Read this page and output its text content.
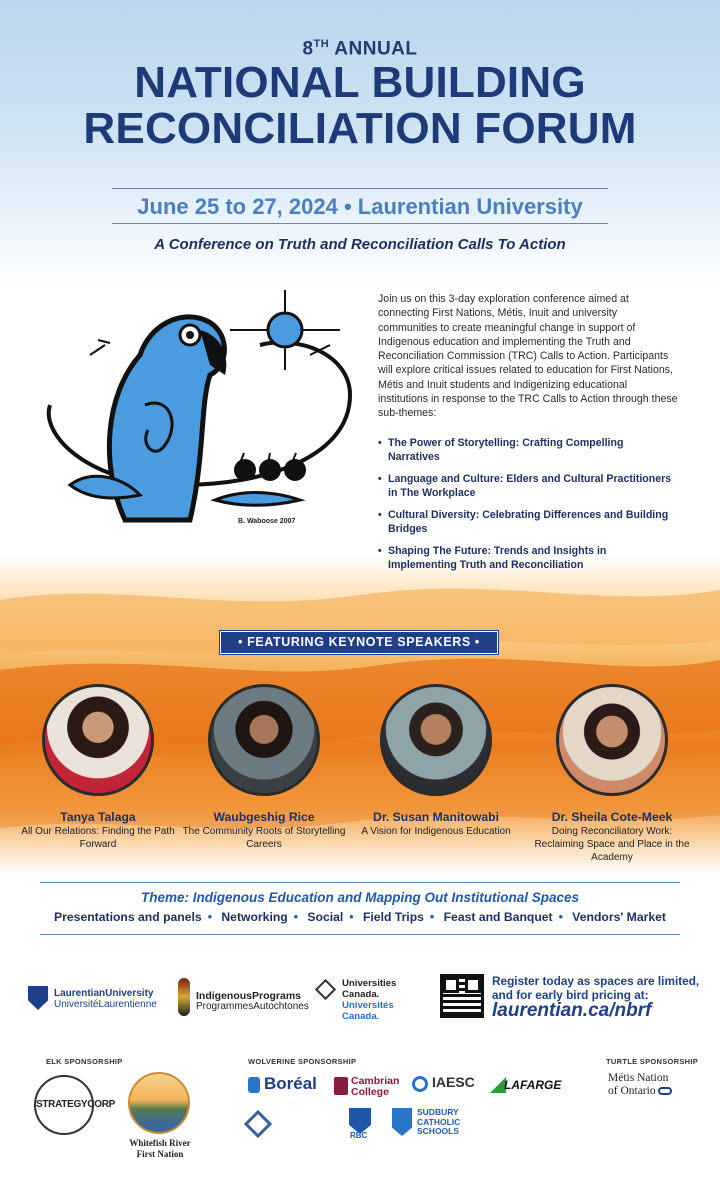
8TH ANNUAL
NATIONAL BUILDING
RECONCILIATION FORUM
June 25 to 27, 2024 • Laurentian University
A Conference on Truth and Reconciliation Calls To Action
B. Waboose 2007
Join us on this 3-day exploration conference aimed at connecting First Nations, Métis, Inuit and university communities to create meaningful change in support of Indigenous education and implementing the Truth and Reconciliation Commission (TRC) Calls to Action. Participants will explore critical issues related to education for First Nations, Métis and Inuit students and Indigenizing educational institutions in response to the TRC Calls to Action through these sub-themes:
• The Power of Storytelling: Crafting Compelling Narratives
• Language and Culture: Elders and Cultural Practitioners in The Workplace
• Cultural Diversity: Celebrating Differences and Building Bridges
• Shaping The Future: Trends and Insights in Implementing Truth and Reconciliation
• FEATURING KEYNOTE SPEAKERS •
Tanya Talaga
All Our Relations: Finding the Path Forward
Waubgeshig Rice
The Community Roots of Storytelling Careers
Dr. Susan Manitowabi
A Vision for Indigenous Education
Dr. Sheila Cote-Meek
Doing Reconciliatory Work: Reclaiming Space and Place in the Academy
Theme: Indigenous Education and Mapping Out Institutional Spaces
Presentations and panels • Networking • Social • Field Trips • Feast and Banquet • Vendors' Market
LaurentianUniversity
UniversitéLaurentienne
IndigenousPrograms
ProgrammesAutochtones
Universities
Canada.
Universités
Canada.
Register today as spaces are limited, and for early bird pricing at:
laurentian.ca/nbrf
ELK SPONSORSHIP	WOLVERINE SPONSORSHIP	TURTLE SPONSORSHIP
STRATEGYCORP
Whitefish River
First Nation
Boréal	Cambrian
College
IAESC LAFARGE
RBC
SUDBURY
CATHOLIC
SCHOOLS
Métis Nation
of Ontario
